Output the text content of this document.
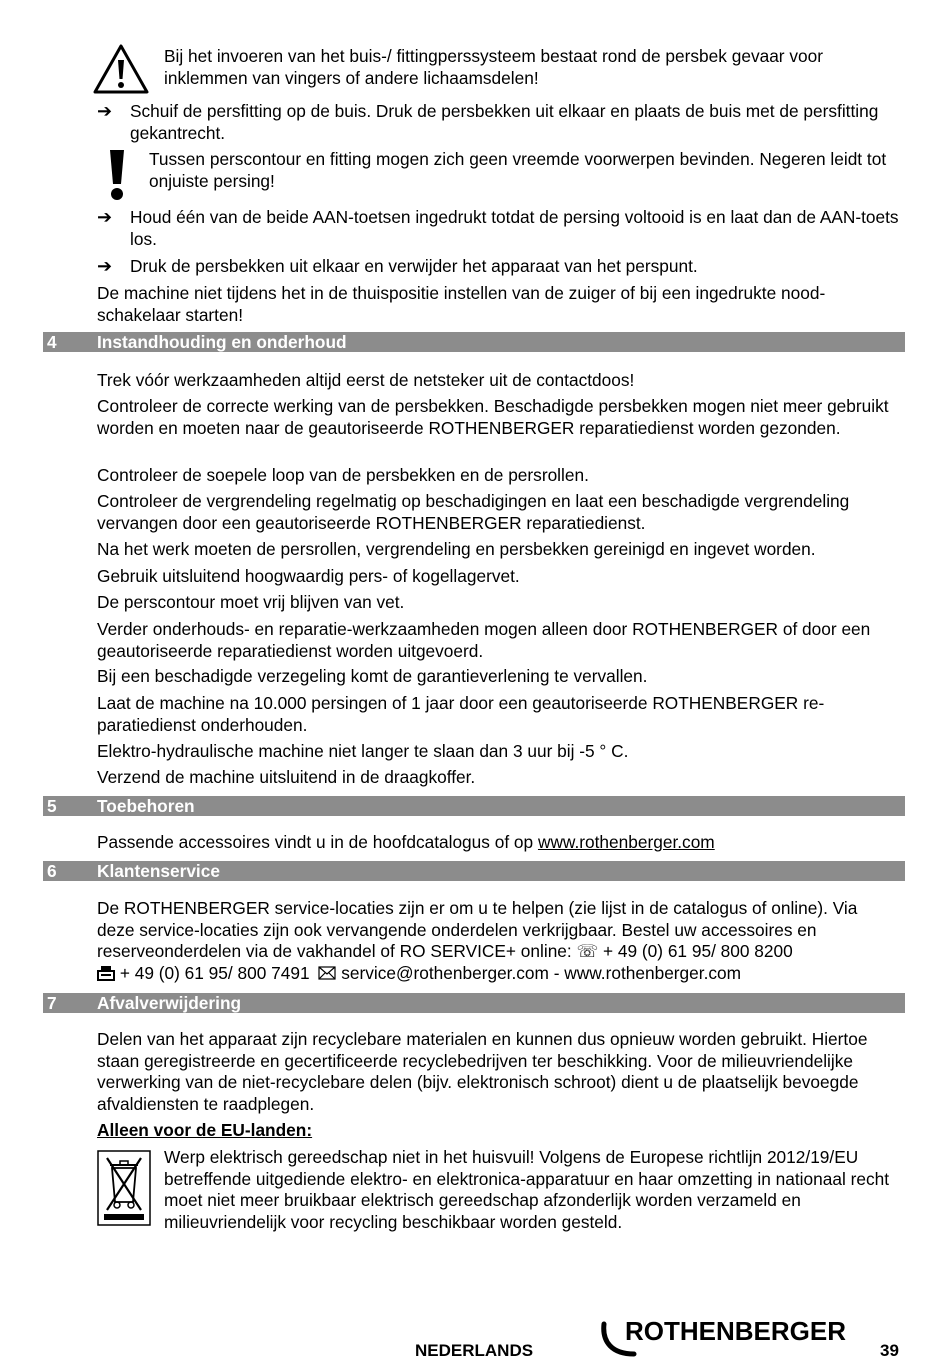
Bij het invoeren van het buis-/ fittingperssysteem bestaat rond de persbek gevaar voor inklemmen van vingers of andere lichaamsdelen!

➔ Schuif de persfitting op de buis. Druk de persbekken uit elkaar en plaats de buis met de persfitting gekantrecht.

Tussen perscontour en fitting mogen zich geen vreemde voorwerpen bevinden. Negeren leidt tot onjuiste persing!

➔ Houd één van de beide AAN-toetsen ingedrukt totdat de persing voltooid is en laat dan de AAN-toets los.

➔ Druk de persbekken uit elkaar en verwijder het apparaat van het perspunt.

De machine niet tijdens het in de thuispositie instellen van de zuiger of bij een ingedrukte noodschakelaar starten!

4 Instandhouding en onderhoud

Trek vóór werkzaamheden altijd eerst de netsteker uit de contactdoos!

Controleer de correcte werking van de persbekken. Beschadigde persbekken mogen niet meer gebruikt worden en moeten naar de geautoriseerde ROTHENBERGER reparatiedienst worden gezonden.

Controleer de soepele loop van de persbekken en de persrollen.

Controleer de vergrendeling regelmatig op beschadigingen en laat een beschadigde vergrendeling vervangen door een geautoriseerde ROTHENBERGER reparatiedienst.

Na het werk moeten de persrollen, vergrendeling en persbekken gereinigd en ingevet worden.

Gebruik uitsluitend hoogwaardig pers- of kogellagervet.

De perscontour moet vrij blijven van vet.

Verder onderhouds- en reparatie-werkzaamheden mogen alleen door ROTHENBERGER of door een geautoriseerde reparatiedienst worden uitgevoerd.

Bij een beschadigde verzegeling komt de garantieverlening te vervallen.

Laat de machine na 10.000 persingen of 1 jaar door een geautoriseerde ROTHENBERGER reparatiedienst onderhouden.

Elektro-hydraulische machine niet langer te slaan dan 3 uur bij -5 ° C.

Verzend de machine uitsluitend in de draagkoffer.

5 Toebehoren

Passende accessoires vindt u in de hoofdcatalogus of op www.rothenberger.com

6 Klantenservice

De ROTHENBERGER service-locaties zijn er om u te helpen (zie lijst in de catalogus of online). Via deze service-locaties zijn ook vervangende onderdelen verkrijgbaar. Bestel uw accessoires en reserveonderdelen via de vakhandel of RO SERVICE+ online: ☏ + 49 (0) 61 95/ 800 8200
+ 49 (0) 61 95/ 800 7491 service@rothenberger.com - www.rothenberger.com

7 Afvalverwijdering

Delen van het apparaat zijn recyclebare materialen en kunnen dus opnieuw worden gebruikt. Hiertoe staan geregistreerde en gecertificeerde recyclebedrijven ter beschikking. Voor de milieuvriendelijke verwerking van de niet-recyclebare delen (bijv. elektronisch schroot) dient u de plaatselijk bevoegde afvaldiensten te raadplegen.

Alleen voor de EU-landen:

Werp elektrisch gereedschap niet in het huisvuil! Volgens de Europese richtlijn 2012/19/EU betreffende uitgediende elektro- en elektronica-apparatuur en haar omzetting in nationaal recht moet niet meer bruikbaar elektrisch gereedschap afzonderlijk worden verzameld en milieuvriendelijk voor recycling beschikbaar worden gesteld.

NEDERLANDS
ROTHENBERGER
39
